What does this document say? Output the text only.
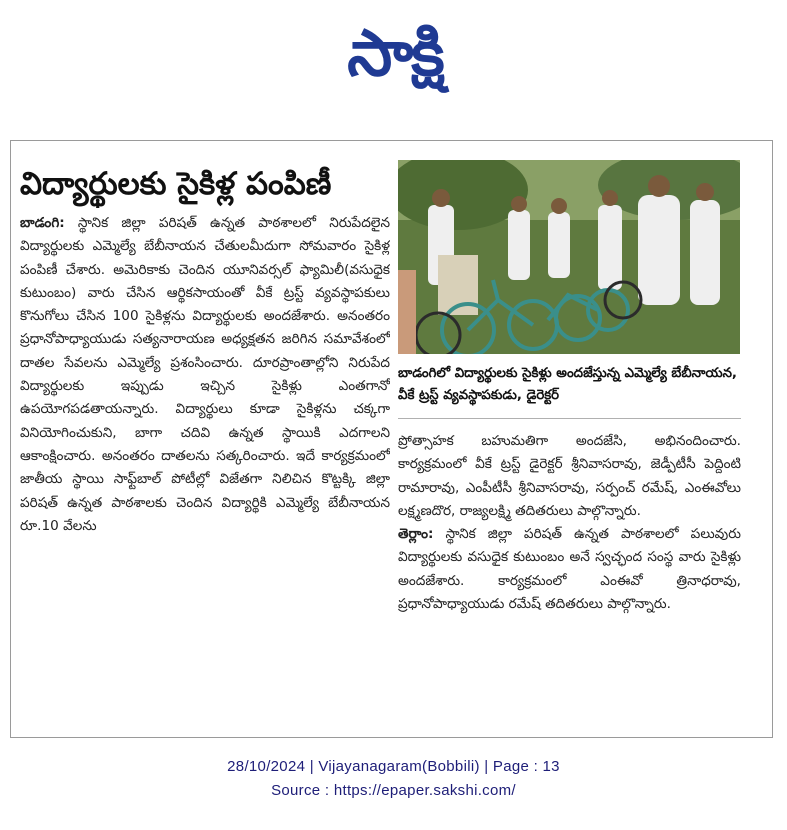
సాక్షి
విద్యార్థులకు సైకిళ్ల పంపిణీ

బాడంగి: స్థానిక జిల్లా పరిషత్‌ ఉన్నత పాఠశాలలో నిరుపేదలైన విద్యార్థులకు ఎమ్మెల్యే బేబీనాయన చేతులమీదుగా సోమవారం సైకిళ్ల పంపిణీ చేశారు. అమెరికాకు చెందిన యూనివర్సల్‌ ఫ్యామిలీ(వసుధైక కుటుంబం) వారు చేసిన ఆర్థికసాయంతో వీకే ట్రస్ట్‌ వ్యవస్థాపకులు కొనుగోలు చేసిన 100 సైకిళ్లను విద్యార్థులకు అందజేశారు. అనంతరం ప్రధానోపాధ్యాయుడు సత్యనారాయణ అధ్యక్షతన జరిగిన సమావేశంలో దాతల సేవలను ఎమ్మెల్యే ప్రశంసించారు. దూరప్రాంతాల్లోని నిరుపేద విద్యార్థులకు ఇప్పుడు ఇచ్చిన సైకిళ్లు ఎంతగానో ఉపయోగపడతాయన్నారు. విద్యార్థులు కూడా సైకిళ్లను చక్కగా వినియోగించుకుని, బాగా చదివి ఉన్నత స్థాయికి ఎదగాలని ఆకాంక్షించారు. అనంతరం దాతలను సత్కరించారు. ఇదే కార్యక్రమంలో జాతీయ స్థాయి సాఫ్ట్‌బాల్‌ పోటీల్లో విజేతగా నిలిచిన కొట్టక్కి జిల్లా పరిషత్‌ ఉన్నత పాఠశాలకు చెందిన విద్యార్థికి ఎమ్మెల్యే బేబీనాయన రూ.10 వేలను

బాడంగిలో విద్యార్థులకు సైకిళ్లు అందజేస్తున్న ఎమ్మెల్యే బేబీనాయన, వీకే ట్రస్ట్‌ వ్యవస్థాపకుడు, డైరెక్టర్‌

ప్రోత్సాహక బహుమతిగా అందజేసి, అభినందించారు. కార్యక్రమంలో వీకే ట్రస్ట్‌ డైరెక్టర్‌ శ్రీనివాసరావు, జెడ్పీటీసీ పెద్దింటి రామారావు, ఎంపీటీసీ శ్రీనివాసరావు, సర్పంచ్‌ రమేష్‌, ఎంఈవోలు లక్ష్మణదొర, రాజ్యలక్ష్మి తదితరులు పాల్గొన్నారు.

తెర్లాం: స్థానిక జిల్లా పరిషత్‌ ఉన్నత పాఠశాలలో పలువురు విద్యార్థులకు వసుధైక కుటుంబం అనే స్వచ్ఛంద సంస్థ వారు సైకిళ్లు అందజేశారు. కార్యక్రమంలో ఎంఈవో త్రినాధరావు, ప్రధానోపాధ్యాయుడు రమేష్‌ తదితరులు పాల్గొన్నారు.

28/10/2024 | Vijayanagaram(Bobbili) | Page : 13
Source : https://epaper.sakshi.com/
